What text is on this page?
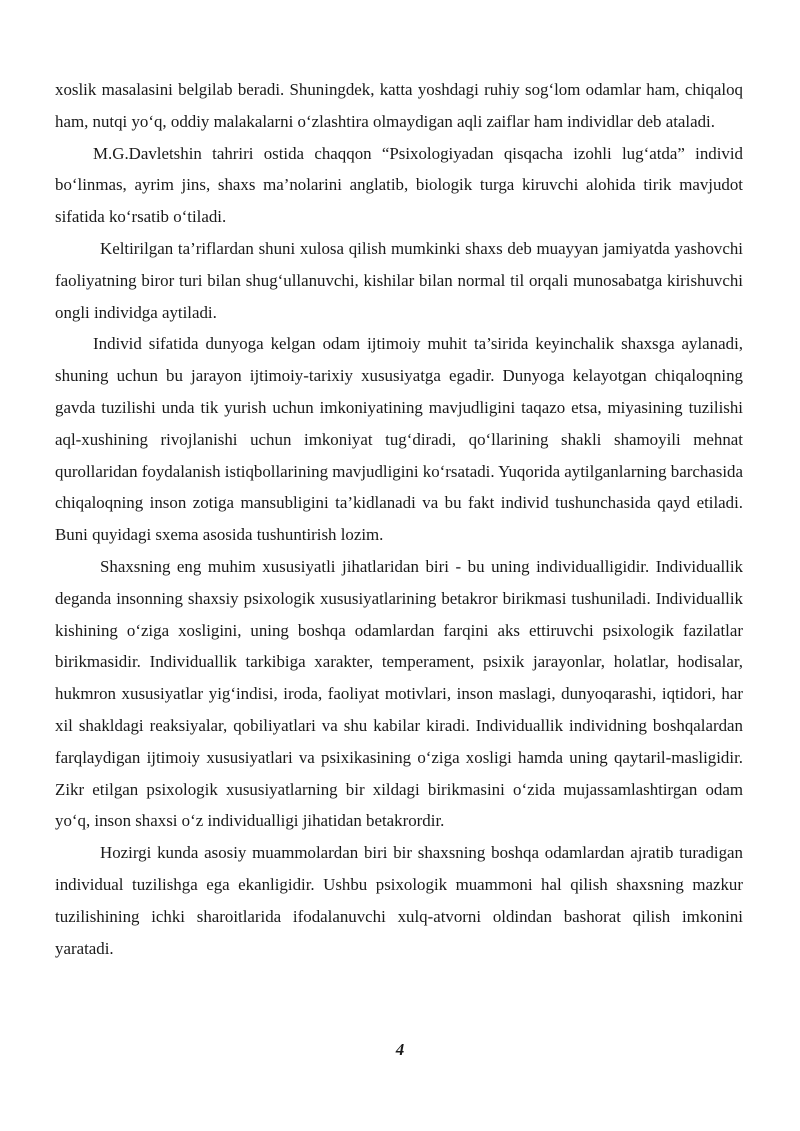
xoslik masalasini belgilab beradi. Shuningdek, katta yoshdagi ruhiy sog‘lom odamlar ham, chiqaloq ham, nutqi yo‘q, oddiy malakalarni o‘zlashtira olmaydigan aqli zaiflar ham individlar deb ataladi.

M.G.Davletshin tahriri ostida chaqqon “Psixologiyadan qisqacha izohli lug‘atda” individ bo‘linmas, ayrim jins, shaxs ma’nolarini anglatib, biologik turga kiruvchi alohida tirik mavjudot sifatida ko‘rsatib o‘tiladi.

Keltirilgan ta’riflardan shuni xulosa qilish mumkinki shaxs deb muayyan jamiyatda yashovchi faoliyatning biror turi bilan shug‘ullanuvchi, kishilar bilan normal til orqali munosabatga kirishuvchi ongli individga aytiladi.

Individ sifatida dunyoga kelgan odam ijtimoiy muhit ta’sirida keyinchalik shaxsga aylanadi, shuning uchun bu jarayon ijtimoiy-tarixiy xususiyatga egadir. Dunyoga kelayotgan chiqaloqning gavda tuzilishi unda tik yurish uchun imkoniyatining mavjudligini taqazo etsa, miyasining tuzilishi aql-xushining rivojlanishi uchun imkoniyat tug‘diradi, qo‘llarining shakli shamoyili mehnat qurollaridan foydalanish istiqbollarining mavjudligini ko‘rsatadi. Yuqorida aytilganlarning barchasida chiqaloqning inson zotiga mansubligini ta’kidlanadi va bu fakt individ tushunchasida qayd etiladi. Buni quyidagi sxema asosida tushuntirish lozim.

Shaxsning eng muhim xususiyatli jihatlaridan biri - bu uning individualligidir. Individuallik deganda insonning shaxsiy psixologik xususiyatlarining betakror birikmasi tushuniladi. Individuallik kishining o‘ziga xosligini, uning boshqa odamlardan farqini aks ettiruvchi psixologik fazilatlar birikmasidir. Individuallik tarkibiga xarakter, temperament, psixik jarayonlar, holatlar, hodisalar, hukmron xususiyatlar yig‘indisi, iroda, faoliyat motivlari, inson maslagi, dunyoqarashi, iqtidori, har xil shakldagi reaksiyalar, qobiliyatlari va shu kabilar kiradi. Individuallik individning boshqalardan farqlaydigan ijtimoiy xususiyatlari va psixikasining o‘ziga xosligi hamda uning qaytaril-masligidir. Zikr etilgan psixologik xususiyatlarning bir xildagi birikmasini o‘zida mujassamlashtirgan odam yo‘q, inson shaxsi o‘z individualligi jihatidan betakrordir.

Hozirgi kunda asosiy muammolardan biri bir shaxsning boshqa odamlardan ajratib turadigan individual tuzilishga ega ekanligidir. Ushbu psixologik muammoni hal qilish shaxsning mazkur tuzilishining ichki sharoitlarida ifodalanuvchi xulq-atvorni oldindan bashorat qilish imkonini yaratadi.

4
